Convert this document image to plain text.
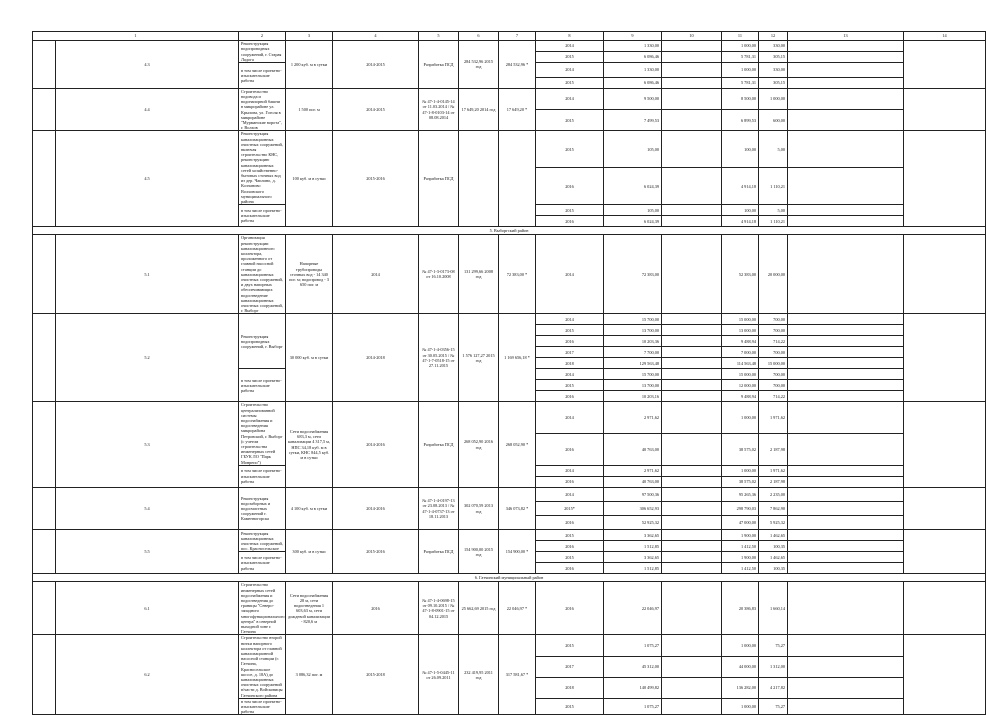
1		2	3	4	5	6	7	8	9	10	11	12	13	14	
	4.3	Реконструкция водопроводных сооружений, г. Старая Ладога	1 200 куб. м в сутки	2014-2015	Разработка ПСД	284 532,96 2015 год	284 532,96 *	2014	1 330,00		1 000,00	330,00				
								2015	6 086,46		5 781,31	305,15			
		в том числе проектно-изыскательские работы						2014	1 330,00		1 000,00	330,00			
								2015	6 086,46		5 781,31	305,15			
	4.4	Строительство водовода и водонапорной башни в микрорайоне ул. Крылова, ул. Гоголя в микрорайоне "Мурманские ворота", г. Волхов	1 500 пог. м	2014-2015	№ 47-1-4-0145-14 от 11.03.2014 / № 47-1-8-0103-14 от 08.08.2014	17 649,20 2014 год	17 649,20 *	2014	9 500,00		8 500,00	1 000,00				
								2015	7 499,53		6 899,53	600,00			
	4.5	Реконструкция канализационных очистных сооружений, включая строительство КНС, реконструкцию канализационных сетей хозяйственно-бытовых сточных вод из дер. Чаплино, д. Колчаново Волховского муниципального района	100 куб. м в сутки	2015-2016	Разработка ПСД			2015	105,00		100,00	5,00				
								2016	6 024,39		4 914,18	1 110,21			
		в том числе проектно-изыскательские работы						2015	105,00		100,00	5,00			
								2016	6 024,39		4 914,18	1 110,21			
5. Выборгский район															
	5.1	Организация реконструкции канализационного коллектора, проложенного от главной насосной станции до канализационных очистных сооружений, и двух напорных обеспечивающих водоотведение канализационных очистных сооружений, г. Выборг	Напорные трубопроводы сточных вод - 14 340 пог. м; водопровод - 3 650 пог. м	2014	№ 47-1-3-0173-08 от 16.10.2008	131 299,66 2008 год	72 383,00 *	2014	72 383,00		52 383,00	20 000,00				
	5.2	Реконструкция водопроводных сооружений, г. Выборг	30 000 куб. м в сутки	2014-2018	№ 47-1-4-0356-15 от 30.05.2015 / № 47-1-7-0518-15 от 27.11.2015	1 576 127,27 2015 год	1 169 656,18 *	2014	15 700,00		15 000,00	700,00				
								2015	13 700,00		13 000,00	700,00			
								2016	10 203,36		9 488,94	714,22			
								2017	7 700,00		7 000,00	700,00			
								2018	129 563,48		114 563,48	15 000,00			
		в том числе проектно-изыскательские работы						2014	15 700,00		15 000,00	700,00			
								2015	13 700,00		12 000,00	700,00			
								2016	10 203,16		9 488,94	714,22			
	5.3	Строительство централизованной системы водоснабжения и водоотведения микрорайона Петровский, г. Выборг (с учетом строительства инженерных сетей ГБУК ЛО "Парк Монрепо")	Сети водоснабжения 683,3 м, сети канализации 4 317,5 м, НПС 34,18 куб. м в сутки, КНС 844,5 куб. м в сутки	2014-2016	Разработка ПСД	268 052,90 2016 год	268 052,90 *	2014	2 971,62		1 000,00	1 971,62				
								2016	40 763,00		38 575,02	2 187,98			
		в том числе проектно-изыскательские работы						2014	2 971,62		1 000,00	1 971,62			
								2016	40 763,00		38 575,02	2 187,98			
	5.4	Реконструкция водозаборных и водоочистных сооружений г. Каменногорска	4 100 куб. м в сутки	2014-2016	№ 47-1-4-0197-13 от 23.08.2013 / № 47-1-4-0737-13 от 18.11.2013	302 070,59 2013 год	346 073,82 *	2014	97 500,36		95 265,36	2 235,00				
								2015*	306 652,93		298 790,03	7 862,90			
								2016	52 925,32		47 000,00	5 925,32			
	5.5	Реконструкция канализационных очистных сооружений, пос. Красносельское	300 куб. м в сутки	2015-2016	Разработка ПСД	154 900,00 2015 год	154 900,00 *	2015	3 362,65		1 900,00	1 462,65				
								2016	1 512,85		1 412,50	100,35			
		в том числе проектно-изыскательские работы						2015	3 362,65		1 900,00	1 462,65			
								2016	1 512,85		1 412,50	100,35			
6. Гатчинский муниципальный район															
	6.1	Строительство инженерных сетей водоснабжения и водоотведения до границы "Северо-западного многофункционального центра" в северной выходной зоне г. Гатчина	Сети водоснабжения 28 м, сети водоотведения 1 603,63 м, сети дождевой канализации - 820,6 м	2016	№ 47-1-4-0698-15 от 09.10.2015 / № 47-1-8-0901-15 от 04.12.2015	25 662,69 2015 год	22 046,97 *	2016	22 046,97		20 386,83	1 660,14				
	6.2	Строительство второй нитки напорного коллектора от главной канализационной насосной станции (г. Гатчина, Красносельское шоссе, д. 18А) до канализационных очистных сооружений в/части д. Войсковицы Гатчинского района	3 086,32 пог. м	2015-2018	№ 47-1-5-0445-11 от 26.09.2011	232 419,95 2011 год	317 581,67 *	2015	1 075,27		1 000,00	75,27				
								2017	45 312,00		44 000,00	1 312,00			
								2018	140 499,82		136 282,00	4 217,82			
		в том числе проектно-изыскательские работы						2015	1 075,27		1 000,00	75,27			
